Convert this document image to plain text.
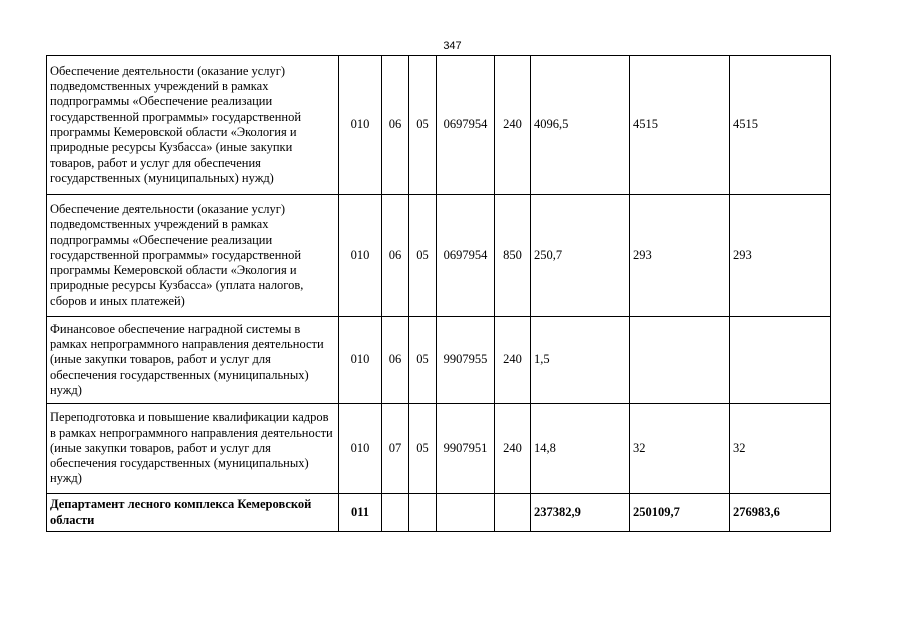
347
Обеспечение деятельности (оказание услуг) подведомственных учреждений в рамках подпрограммы «Обеспечение реализации государственной программы» государственной программы Кемеровской области «Экология и природные ресурсы Кузбасса» (иные закупки товаров, работ и услуг для обеспечения государственных (муниципальных) нужд)	010	06	05	0697954	240	4096,5	4515	4515
Обеспечение деятельности (оказание услуг) подведомственных учреждений в рамках подпрограммы «Обеспечение реализации государственной программы» государственной программы Кемеровской области «Экология и природные ресурсы Кузбасса» (уплата налогов, сборов и иных платежей)	010	06	05	0697954	850	250,7	293	293
Финансовое обеспечение наградной системы в рамках непрограммного направления деятельности (иные закупки товаров, работ и услуг для обеспечения государственных (муниципальных) нужд)	010	06	05	9907955	240	1,5		
Переподготовка и повышение квалификации кадров в рамках непрограммного направления деятельности (иные закупки товаров, работ и услуг для обеспечения государственных (муниципальных) нужд)	010	07	05	9907951	240	14,8	32	32
Департамент лесного комплекса Кемеровской области	011					237382,9	250109,7	276983,6
